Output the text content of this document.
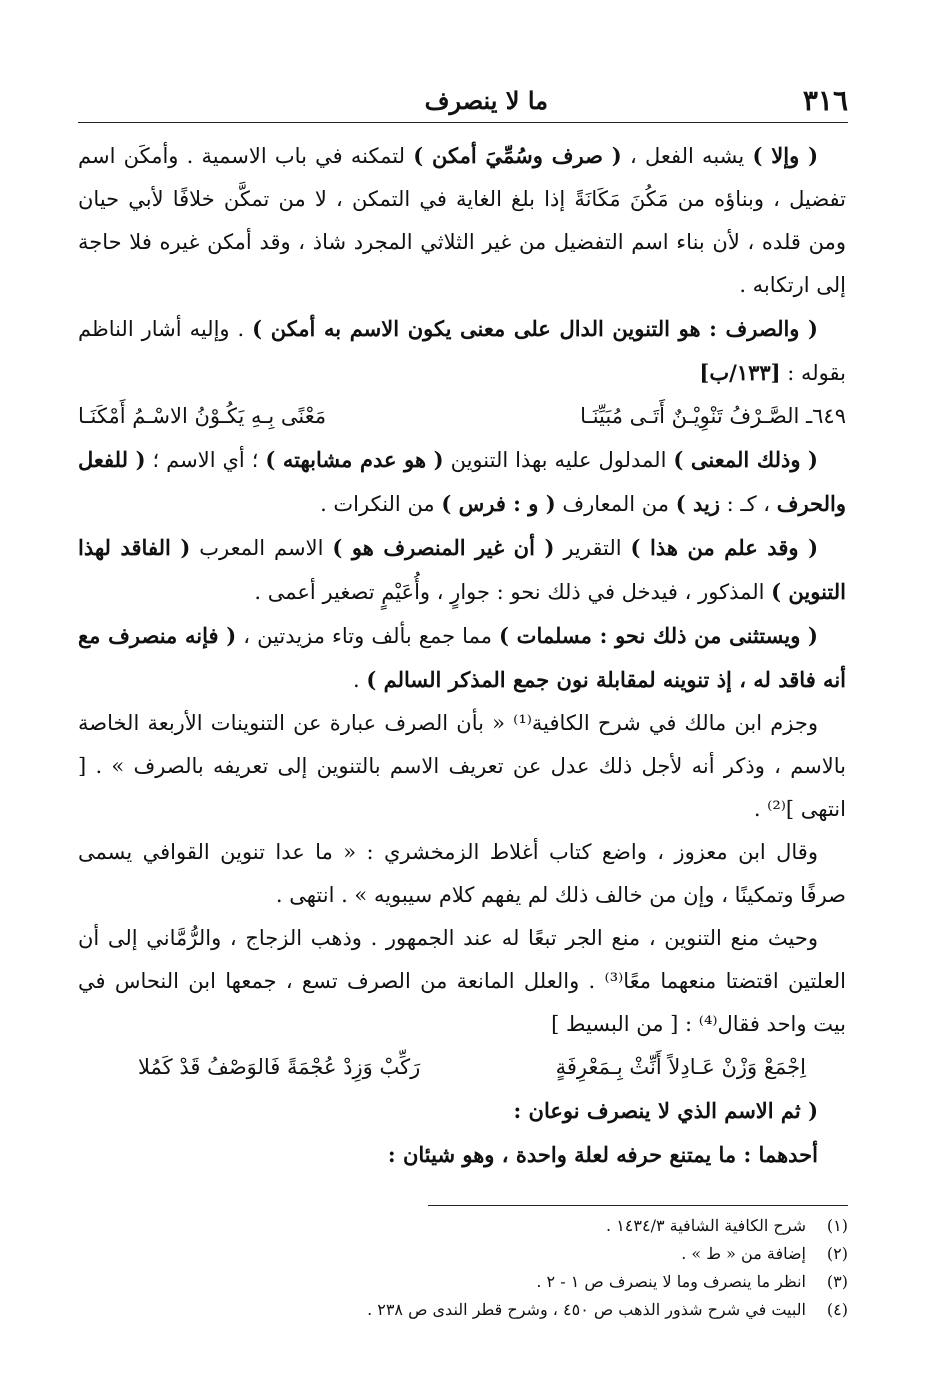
٣١٦
ما لا ينصرف

( وإلا ) يشبه الفعل ، ( صرف وسُمِّيَ أمكن ) لتمكنه في باب الاسمية . وأمكَن اسم تفضيل ، وبناؤه من مَكُنَ مَكَانَةً إذا بلغ الغاية في التمكن ، لا من تمكَّن خلافًا لأبي حيان ومن قلده ، لأن بناء اسم التفضيل من غير الثلاثي المجرد شاذ ، وقد أمكن غيره فلا حاجة إلى ارتكابه .

( والصرف : هو التنوين الدال على معنى يكون الاسم به أمكن ) . وإليه أشار الناظم بقوله : [١٣٣/ب]

٦٤٩ـ الصَّـرْفُ تَنْوِيْـنٌ أَتَـى مُبَيِّنَـا
مَعْنًى بِـهِ يَكُـوْنُ الاسْـمُ أَمْكَنَـا

( وذلك المعنى ) المدلول عليه بهذا التنوين ( هو عدم مشابهته ) ؛ أي الاسم ؛ ( للفعل والحرف ، كـ : زيد ) من المعارف ( و : فرس ) من النكرات .

( وقد علم من هذا ) التقرير ( أن غير المنصرف هو ) الاسم المعرب ( الفاقد لهذا التنوين ) المذكور ، فيدخل في ذلك نحو : جوارٍ ، وأُعَيْمٍ تصغير أعمى .

( ويستثنى من ذلك نحو : مسلمات ) مما جمع بألف وتاء مزيدتين ، ( فإنه منصرف مع أنه فاقد له ، إذ تنوينه لمقابلة نون جمع المذكر السالم ) .

وجزم ابن مالك في شرح الكافية⁽¹⁾ « بأن الصرف عبارة عن التنوينات الأربعة الخاصة بالاسم ، وذكر أنه لأجل ذلك عدل عن تعريف الاسم بالتنوين إلى تعريفه بالصرف » . [ انتهى ]⁽²⁾ .

وقال ابن معزوز ، واضع كتاب أغلاط الزمخشري : « ما عدا تنوين القوافي يسمى صرفًا وتمكينًا ، وإن من خالف ذلك لم يفهم كلام سيبويه » . انتهى .

وحيث منع التنوين ، منع الجر تبعًا له عند الجمهور . وذهب الزجاج ، والرُّمَّاني إلى أن العلتين اقتضتا منعهما معًا⁽³⁾ . والعلل المانعة من الصرف تسع ، جمعها ابن النحاس في بيت واحد فقال⁽⁴⁾ : [ من البسيط ]

اِجْمَعْ وَزْنْ عَـادِلاً أَنِّثْ بِـمَعْرِفَةٍ
رَكِّبْ وَزِدْ عُجْمَةً فَالوَصْفُ قَدْ كَمُلا

( ثم الاسم الذي لا ينصرف نوعان :

أحدهما : ما يمتنع حرفه لعلة واحدة ، وهو شيئان :

(١)
شرح الكافية الشافية ١٤٣٤/٣ .
(٢)
إضافة من « ط » .
(٣)
انظر ما ينصرف وما لا ينصرف ص ١ - ٢ .
(٤)
البيت في شرح شذور الذهب ص ٤٥٠ ، وشرح قطر الندى ص ٢٣٨ .
